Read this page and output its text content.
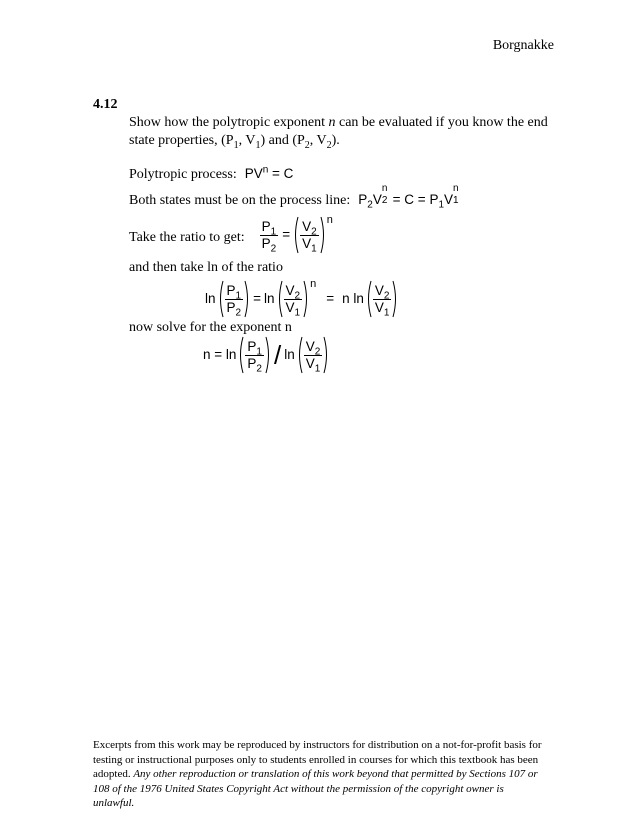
Borgnakke
4.12
Show how the polytropic exponent n can be evaluated if you know the end state properties, ($P_1$, $V_1$) and ($P_2$, $V_2$).
Polytropic process: $PV^n = C$
Both states must be on the process line: $P_2V$
n
$2 = C = P_1V$
n
1

Take the ratio to get: $\frac{P_1}{P_2} = \frac{V_2}{V_1}$ n
and then take ln of the ratio
$\ln \frac{P_1}{P_2} = \ln \frac{V_2}{V_1}$ n
= n $\ln \frac{V_2}{V_1}$
now solve for the exponent n
$n = \ln \frac{P_1}{P_2} / \ln \frac{V_2}{V_1}$
Excerpts from this work may be reproduced by instructors for distribution on a not-for-profit basis for testing or instructional purposes only to students enrolled in courses for which this textbook has been adopted. Any other reproduction or translation of this work beyond that permitted by Sections 107 or 108 of the 1976 United States Copyright Act without the permission of the copyright owner is unlawful.
